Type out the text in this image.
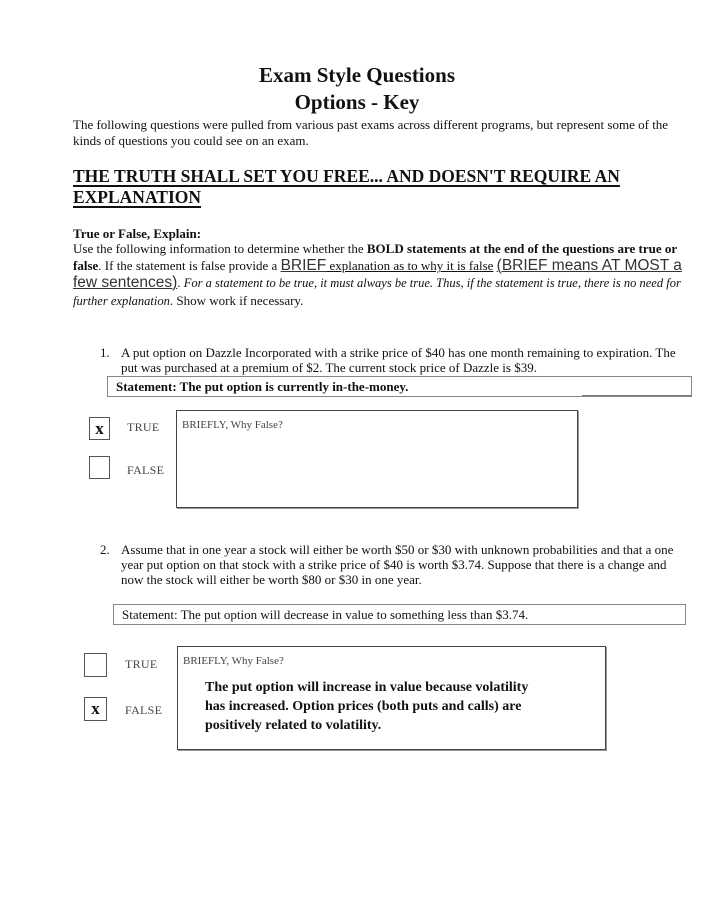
Exam Style Questions
Options - Key
The following questions were pulled from various past exams across different programs, but represent some of the kinds of questions you could see on an exam.
THE TRUTH SHALL SET YOU FREE... AND DOESN'T REQUIRE AN
EXPLANATION
True or False, Explain:
Use the following information to determine whether the BOLD statements at the end of the questions are true or false. If the statement is false provide a BRIEF explanation as to why it is false (BRIEF means AT MOST a few sentences). For a statement to be true, it must always be true. Thus, if the statement is true, there is no need for further explanation. Show work if necessary.
1. A put option on Dazzle Incorporated with a strike price of $40 has one month remaining to expiration. The put was purchased at a premium of $2. The current stock price of Dazzle is $39.
Statement: The put option is currently in-the-money.
x	TRUE
FALSE
BRIEFLY, Why False?
2. Assume that in one year a stock will either be worth $50 or $30 with unknown probabilities and that a one year put option on that stock with a strike price of $40 is worth $3.74. Suppose that there is a change and now the stock will either be worth $80 or $30 in one year.
Statement: The put option will decrease in value to something less than $3.74.
TRUE
x	FALSE
BRIEFLY, Why False?
The put option will increase in value because volatility has increased. Option prices (both puts and calls) are positively related to volatility.
